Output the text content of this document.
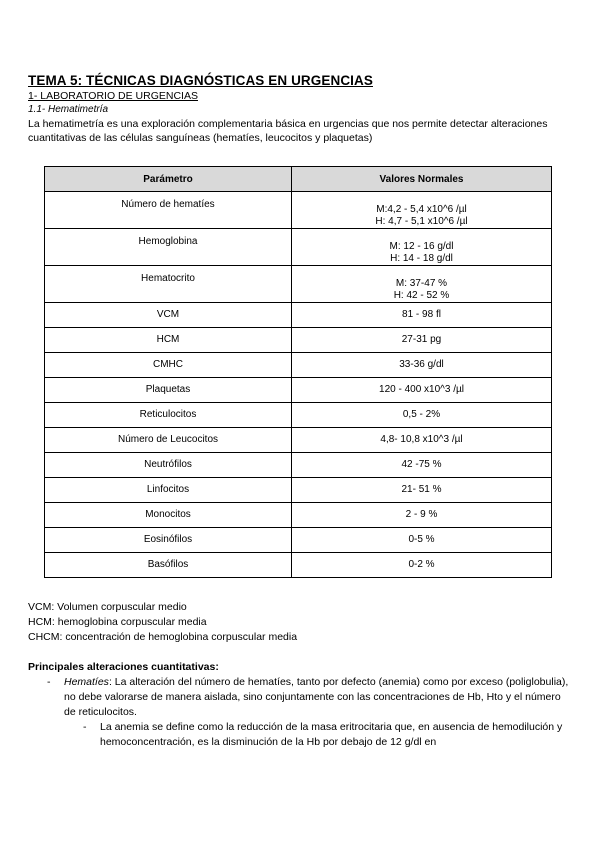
TEMA 5: TÉCNICAS DIAGNÓSTICAS EN URGENCIAS
1- LABORATORIO DE URGENCIAS
1.1- Hematimetría

La hematimetría es una exploración complementaria básica en urgencias que nos permite detectar alteraciones cuantitativas de las células sanguíneas (hematíes, leucocitos y plaquetas)

Parámetro	Valores Normales
Número de hematíes	M:4,2 - 5,4 x10^6 /µl
H: 4,7 - 5,1 x10^6 /µl

Hemoglobina	M: 12 - 16 g/dl
H: 14 - 18 g/dl

Hematocrito	M: 37-47 %
H: 42 - 52 %

VCM	81 - 98 fl
HCM	27-31 pg
CMHC	33-36 g/dl
Plaquetas	120 - 400 x10^3 /µl
Reticulocitos	0,5 - 2%
Número de Leucocitos	4,8- 10,8 x10^3 /µl
Neutrófilos	42 -75 %
Linfocitos	21- 51 %
Monocitos	2 - 9 %
Eosinófilos	0-5 %
Basófilos	0-2 %
VCM: Volumen corpuscular medio
HCM: hemoglobina corpuscular media
CHCM: concentración de hemoglobina corpuscular media
Principales alteraciones cuantitativas:
- Hematíes: La alteración del número de hematíes, tanto por defecto (anemia) como por exceso (poliglobulia), no debe valorarse de manera aislada, sino conjuntamente con las concentraciones de Hb, Hto y el número de reticulocitos.
- La anemia se define como la reducción de la masa eritrocitaria que, en ausencia de hemodilución y hemoconcentración, es la disminución de la Hb por debajo de 12 g/dl en
